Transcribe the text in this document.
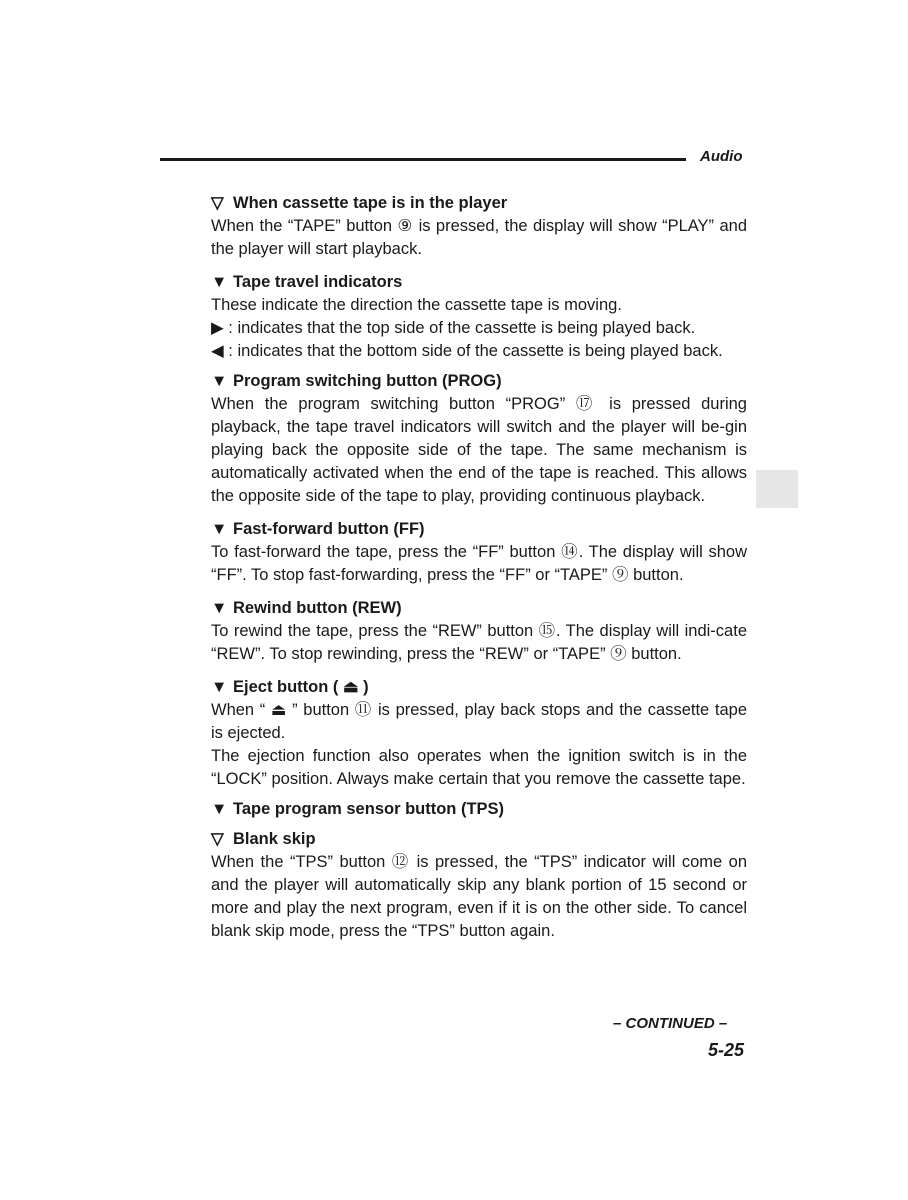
Audio

▽ When cassette tape is in the player

When the “TAPE” button ⑨ is pressed, the display will show “PLAY” and the player will start playback.

▼ Tape travel indicators

These indicate the direction the cassette tape is moving.

▶ : indicates that the top side of the cassette is being played back.

◀ : indicates that the bottom side of the cassette is being played back.

▼ Program switching button (PROG)

When the program switching button “PROG” ⑰ is pressed during playback, the tape travel indicators will switch and the player will be-gin playing back the opposite side of the tape. The same mechanism is automatically activated when the end of the tape is reached. This allows the opposite side of the tape to play, providing continuous playback.

▼ Fast-forward button (FF)

To fast-forward the tape, press the “FF” button ⑭. The display will show “FF”. To stop fast-forwarding, press the “FF” or “TAPE” ⑨ button.

▼ Rewind button (REW)

To rewind the tape, press the “REW” button ⑮. The display will indi-cate “REW”. To stop rewinding, press the “REW” or “TAPE” ⑨ button.

▼ Eject button ( ⏏ )

When “ ⏏ ” button ⑪ is pressed, play back stops and the cassette tape is ejected.

The ejection function also operates when the ignition switch is in the “LOCK” position. Always make certain that you remove the cassette tape.

▼ Tape program sensor button (TPS)

▽ Blank skip

When the “TPS” button ⑫ is pressed, the “TPS” indicator will come on and the player will automatically skip any blank portion of 15 second or more and play the next program, even if it is on the other side. To cancel blank skip mode, press the “TPS” button again.

– CONTINUED –
5-25
